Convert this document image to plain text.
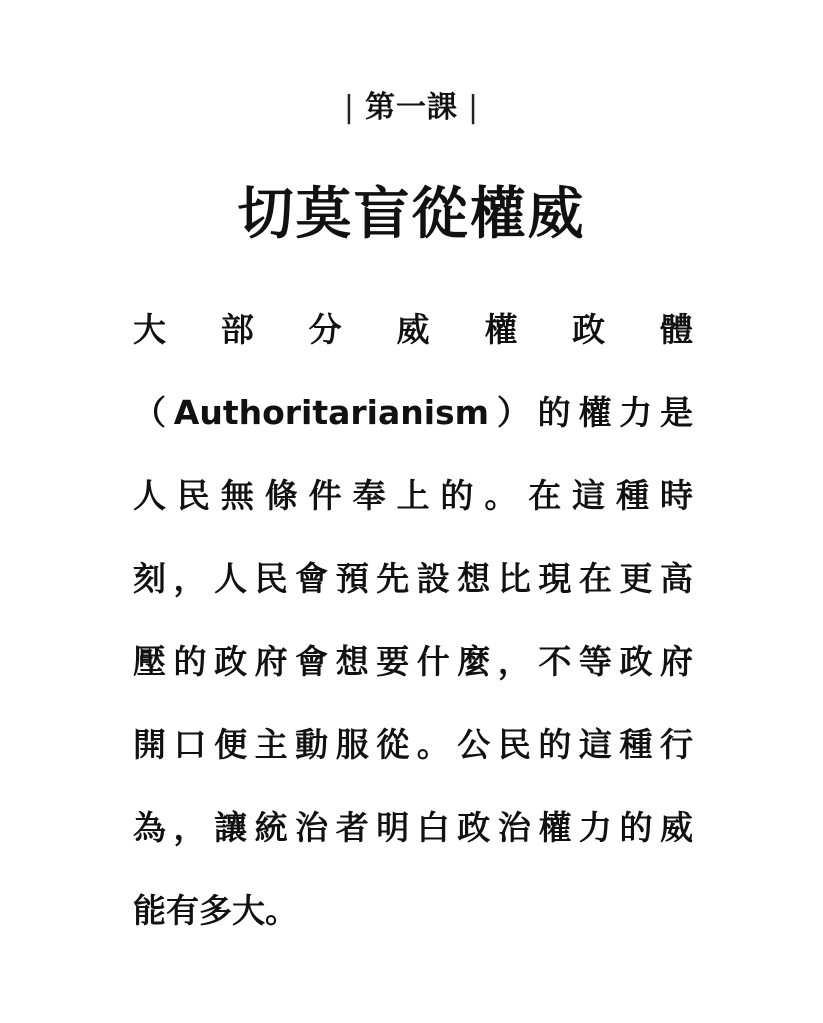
| 第一課 |
切莫盲從權威
大 部 分 威 權 政 體
（Authoritarianism）的權力是
人民無條件奉上的。在這種時
刻，人民會預先設想比現在更高
壓的政府會想要什麼，不等政府
開口便主動服從。公民的這種行
為，讓統治者明白政治權力的威
能有多大。
